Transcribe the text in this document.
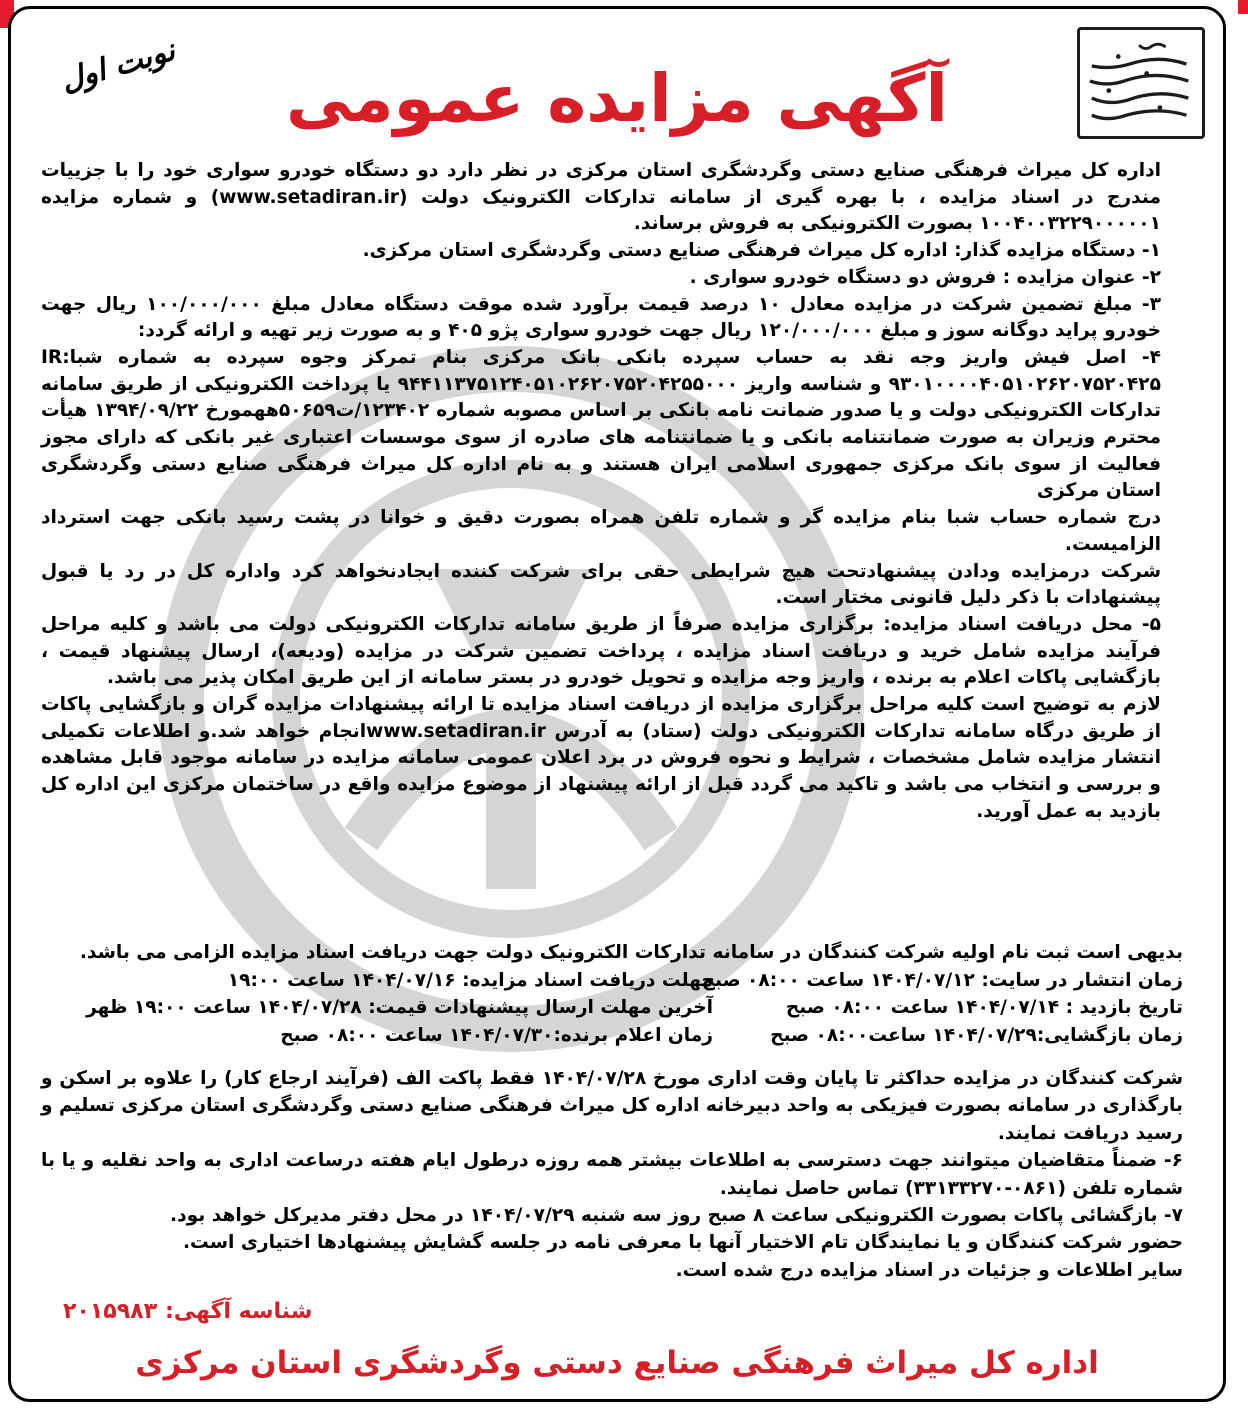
نوبت اول	آگهی مزایده عمومی

اداره کل میراث فرهنگی صنایع دستی وگردشگری استان مرکزی در نظر دارد دو دستگاه خودرو سواری خود را با جزییات مندرج در اسناد مزایده ، با بهره گیری از سامانه تدارکات الکترونیک دولت (www.setadiran.ir) و شماره مزایده ۱۰۰۴۰۰۳۲۲۹۰۰۰۰۰۱ بصورت الکترونیکی به فروش برساند.

۱- دستگاه مزایده گذار: اداره کل میراث فرهنگی صنایع دستی وگردشگری استان مرکزی.

۲- عنوان مزایده : فروش دو دستگاه خودرو سواری .

۳- مبلغ تضمین شرکت در مزایده معادل ۱۰ درصد قیمت برآورد شده موقت دستگاه معادل مبلغ ۱۰۰/۰۰۰/۰۰۰ ریال جهت خودرو پراید دوگانه سوز و مبلغ ۱۲۰/۰۰۰/۰۰۰ ریال جهت خودرو سواری پژو ۴۰۵ و به صورت زیر تهیه و ارائه گردد:

۴- اصل فیش واریز وجه نقد به حساب سپرده بانکی بانک مرکزی بنام تمرکز وجوه سپرده به شماره شبا:IR ۹۳۰۱۰۰۰۰۴۰۵۱۰۲۶۲۰۷۵۲۰۴۲۵ و شناسه واریز ۹۴۴۱۱۳۷۵۱۲۴۰۵۱۰۲۶۲۰۷۵۲۰۴۲۵۵۰۰۰ یا پرداخت الکترونیکی از طریق سامانه تدارکات الکترونیکی دولت و یا صدور ضمانت نامه بانکی بر اساس مصوبه شماره ۱۲۳۴۰۲/ت۵۰۶۵۹ههمورخ ۱۳۹۴/۰۹/۲۲ هیأت محترم وزیران به صورت ضمانتنامه بانکی و یا ضمانتنامه های صادره از سوی موسسات اعتباری غیر بانکی که دارای مجوز فعالیت از سوی بانک مرکزی جمهوری اسلامی ایران هستند و به نام اداره کل میراث فرهنگی صنایع دستی وگردشگری استان مرکزی

درج شماره حساب شبا بنام مزایده گر و شماره تلفن همراه بصورت دقیق و خوانا در پشت رسید بانکی جهت استرداد الزامیست.

شرکت درمزایده ودادن پیشنهادتحت هیچ شرایطی حقی برای شرکت کننده ایجادنخواهد کرد واداره کل در رد یا قبول پیشنهادات با ذکر دلیل قانونی مختار است.

۵- محل دریافت اسناد مزایده: برگزاری مزایده صرفاً از طریق سامانه تدارکات الکترونیکی دولت می باشد و کلیه مراحل فرآیند مزایده شامل خرید و دریافت اسناد مزایده ، پرداخت تضمین شرکت در مزایده (ودیعه)، ارسال پیشنهاد قیمت ، بازگشایی پاکات اعلام به برنده ، واریز وجه مزایده و تحویل خودرو در بستر سامانه از این طریق امکان پذیر می باشد.

لازم به توضیح است کلیه مراحل برگزاری مزایده از دریافت اسناد مزایده تا ارائه پیشنهادات مزایده گران و بازگشایی پاکات از طریق درگاه سامانه تدارکات الکترونیکی دولت (ستاد) به آدرس www.setadiran.irانجام خواهد شد.و اطلاعات تکمیلی انتشار مزایده شامل مشخصات ، شرایط و نحوه فروش در برد اعلان عمومی سامانه مزایده در سامانه موجود قابل مشاهده و بررسی و انتخاب می باشد و تاکید می گردد قبل از ارائه پیشنهاد از موضوع مزایده واقع در ساختمان مرکزی این اداره کل بازدید به عمل آورید.

بدیهی است ثبت نام اولیه شرکت کنندگان در سامانه تدارکات الکترونیک دولت جهت دریافت اسناد مزایده الزامی می باشد.

زمان انتشار در سایت: ۱۴۰۴/۰۷/۱۲ ساعت ۰۸:۰۰ صبح
مهلت دریافت اسناد مزایده: ۱۴۰۴/۰۷/۱۶ ساعت ۱۹:۰۰
تاریخ بازدید : ۱۴۰۴/۰۷/۱۴ ساعت ۰۸:۰۰ صبح
آخرین مهلت ارسال پیشنهادات قیمت: ۱۴۰۴/۰۷/۲۸ ساعت ۱۹:۰۰ ظهر
زمان بازگشایی:۱۴۰۴/۰۷/۲۹ ساعت۰۸:۰۰ صبح
زمان اعلام برنده:۱۴۰۴/۰۷/۳۰ ساعت ۰۸:۰۰ صبح

شرکت کنندگان در مزایده حداکثر تا پایان وقت اداری مورخ ۱۴۰۴/۰۷/۲۸ فقط پاکت الف (فرآیند ارجاع کار) را علاوه بر اسکن و بارگذاری در سامانه بصورت فیزیکی به واحد دبیرخانه اداره کل میراث فرهنگی صنایع دستی وگردشگری استان مرکزی تسلیم و رسید دریافت نمایند.

۶- ضمناً متقاضیان میتوانند جهت دسترسی به اطلاعات بیشتر همه روزه درطول ایام هفته درساعت اداری به واحد نقلیه و یا با شماره تلفن (۰۸۶۱-۳۳۱۳۳۲۷۰) تماس حاصل نمایند.

۷- بازگشائی پاکات بصورت الکترونیکی ساعت ۸ صبح روز سه شنبه ۱۴۰۴/۰۷/۲۹ در محل دفتر مدیرکل خواهد بود.

حضور شرکت کنندگان و یا نمایندگان تام الاختیار آنها با معرفی نامه در جلسه گشایش پیشنهادها اختیاری است.

سایر اطلاعات و جزئیات در اسناد مزایده درج شده است.

شناسه آگهی:۲۰۱۵۹۸۳
اداره کل میراث فرهنگی صنایع دستی وگردشگری استان مرکزی
